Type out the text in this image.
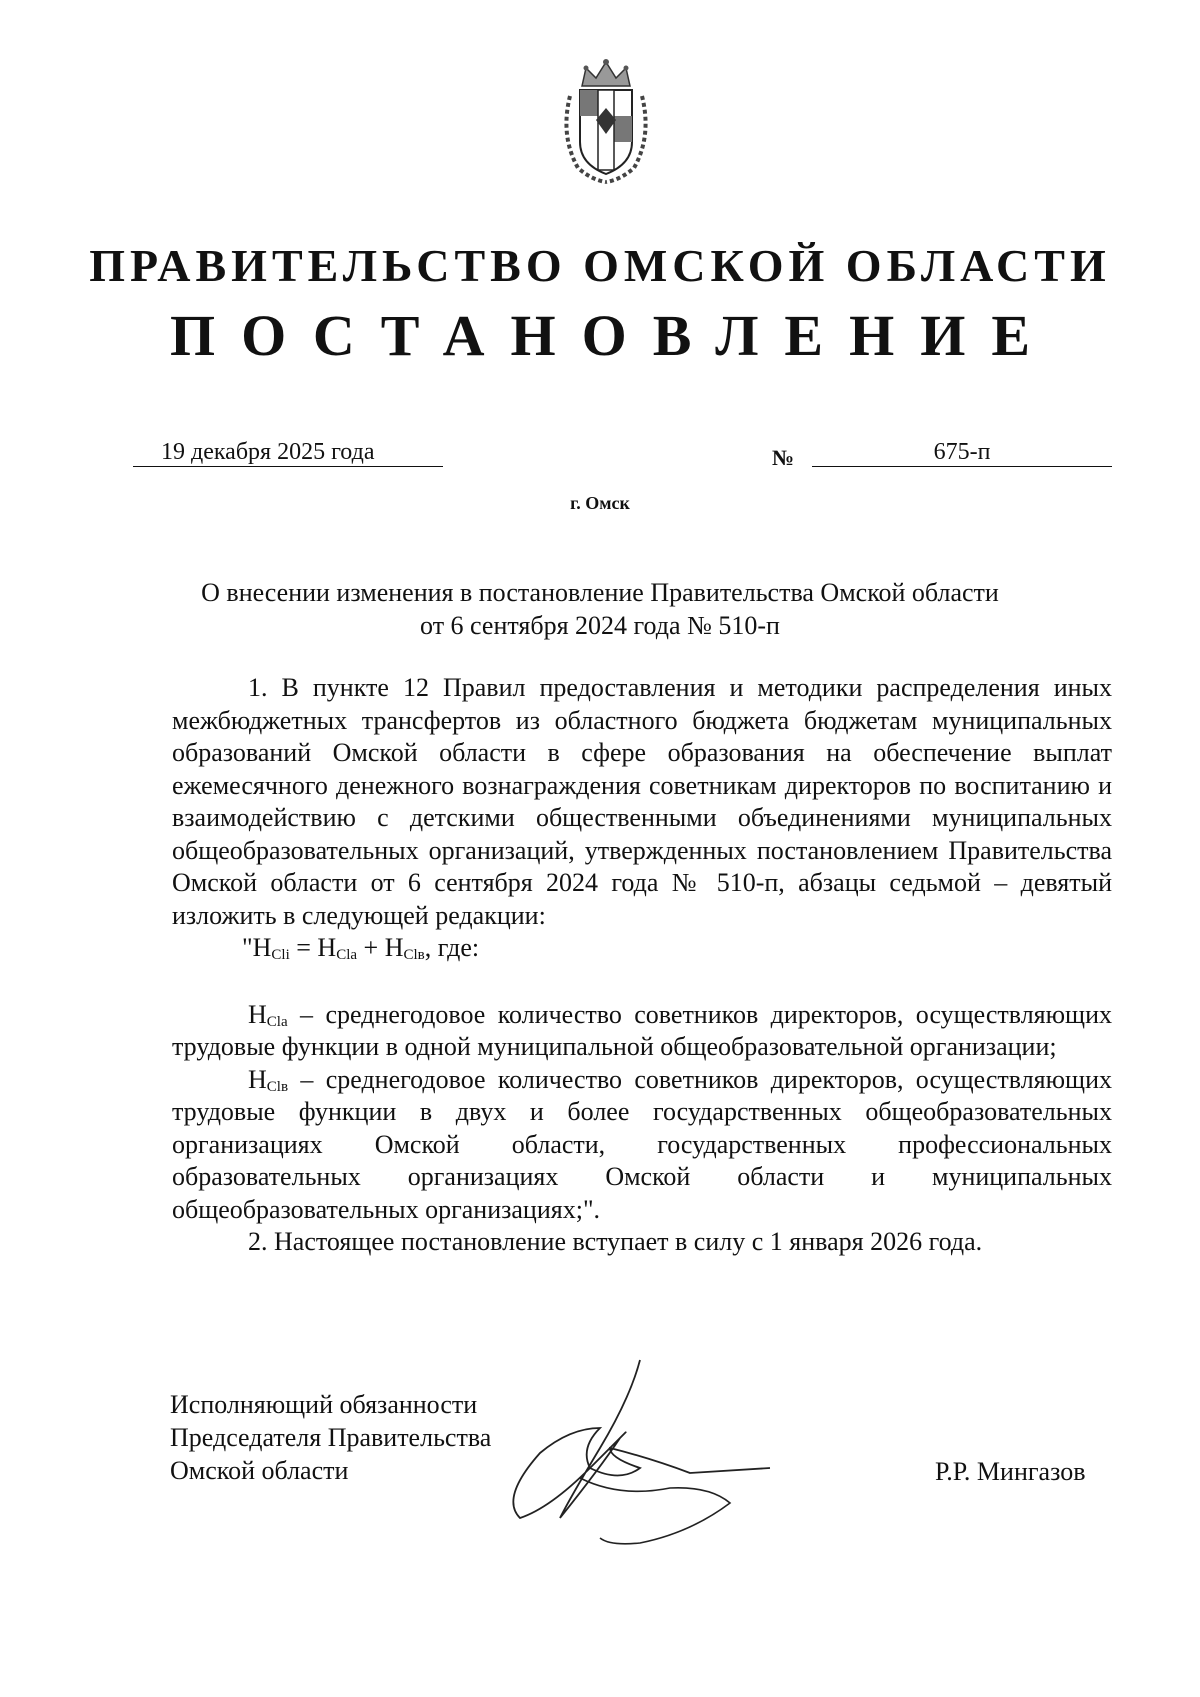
ПРАВИТЕЛЬСТВО ОМСКОЙ ОБЛАСТИ
ПОСТАНОВЛЕНИЕ
19 декабря 2025 года	№	675-п
г. Омск
О внесении изменения в постановление Правительства Омской области
от 6 сентября 2024 года № 510-п

1. В пункте 12 Правил предоставления и методики распределения иных межбюджетных трансфертов из областного бюджета бюджетам муниципальных образований Омской области в сфере образования на обеспечение выплат ежемесячного денежного вознаграждения советникам директоров по воспитанию и взаимодействию с детскими общественными объединениями муниципальных общеобразовательных организаций, утвержденных постановлением Правительства Омской области от 6 сентября 2024 года № 510-п, абзацы седьмой – девятый изложить в следующей редакции:

"$Н_{Cli} = Н_{Cla} + Н_{Clв}$, где:

$Н_{Cla}$ – среднегодовое количество советников директоров, осуществляющих трудовые функции в одной муниципальной общеобразовательной организации;

$Н_{Clв}$ – среднегодовое количество советников директоров, осуществляющих трудовые функции в двух и более государственных общеобразовательных организациях Омской области, государственных профессиональных образовательных организациях Омской области и муниципальных общеобразовательных организациях;".

2. Настоящее постановление вступает в силу с 1 января 2026 года.

Исполняющий обязанности
Председателя Правительства
Омской области	Р.Р. Мингазов
